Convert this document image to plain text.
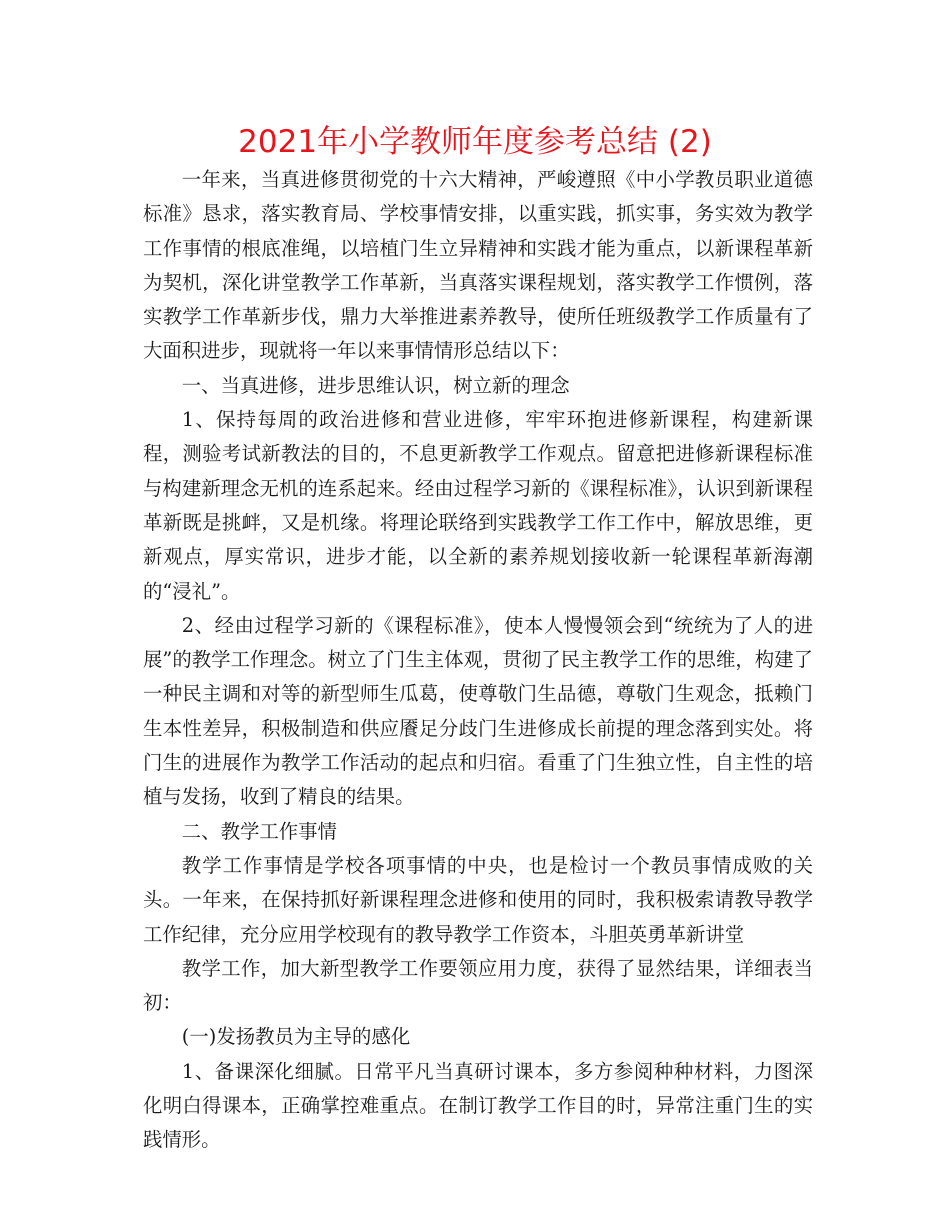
2021年小学教师年度参考总结 (2)

一年来，当真进修贯彻党的十六大精神，严峻遵照《中小学教员职业道德标准》恳求，落实教育局、学校事情安排，以重实践，抓实事，务实效为教学工作事情的根底准绳，以培植门生立异精神和实践才能为重点，以新课程革新为契机，深化讲堂教学工作革新，当真落实课程规划，落实教学工作惯例，落实教学工作革新步伐，鼎力大举推进素养教导，使所任班级教学工作质量有了大面积进步，现就将一年以来事情情形总结以下：

一、当真进修，进步思维认识，树立新的理念

1、保持每周的政治进修和营业进修，牢牢环抱进修新课程，构建新课程，测验考试新教法的目的，不息更新教学工作观点。留意把进修新课程标准与构建新理念无机的连系起来。经由过程学习新的《课程标准》，认识到新课程革新既是挑衅，又是机缘。将理论联络到实践教学工作工作中，解放思维，更新观点，厚实常识，进步才能，以全新的素养规划接收新一轮课程革新海潮的“浸礼”。

2、经由过程学习新的《课程标准》，使本人慢慢领会到“统统为了人的进展”的教学工作理念。树立了门生主体观，贯彻了民主教学工作的思维，构建了一种民主调和对等的新型师生瓜葛，使尊敬门生品德，尊敬门生观念，抵赖门生本性差异，积极制造和供应餍足分歧门生进修成长前提的理念落到实处。将门生的进展作为教学工作活动的起点和归宿。看重了门生独立性，自主性的培植与发扬，收到了精良的结果。

二、教学工作事情

教学工作事情是学校各项事情的中央，也是检讨一个教员事情成败的关头。一年来，在保持抓好新课程理念进修和使用的同时，我积极索请教导教学工作纪律，充分应用学校现有的教导教学工作资本，斗胆英勇革新讲堂

教学工作，加大新型教学工作要领应用力度，获得了显然结果，详细表当初：

(一)发扬教员为主导的感化

1、备课深化细腻。日常平凡当真研讨课本，多方参阅种种材料，力图深化明白得课本，正确掌控难重点。在制订教学工作目的时，异常注重门生的实践情形。
